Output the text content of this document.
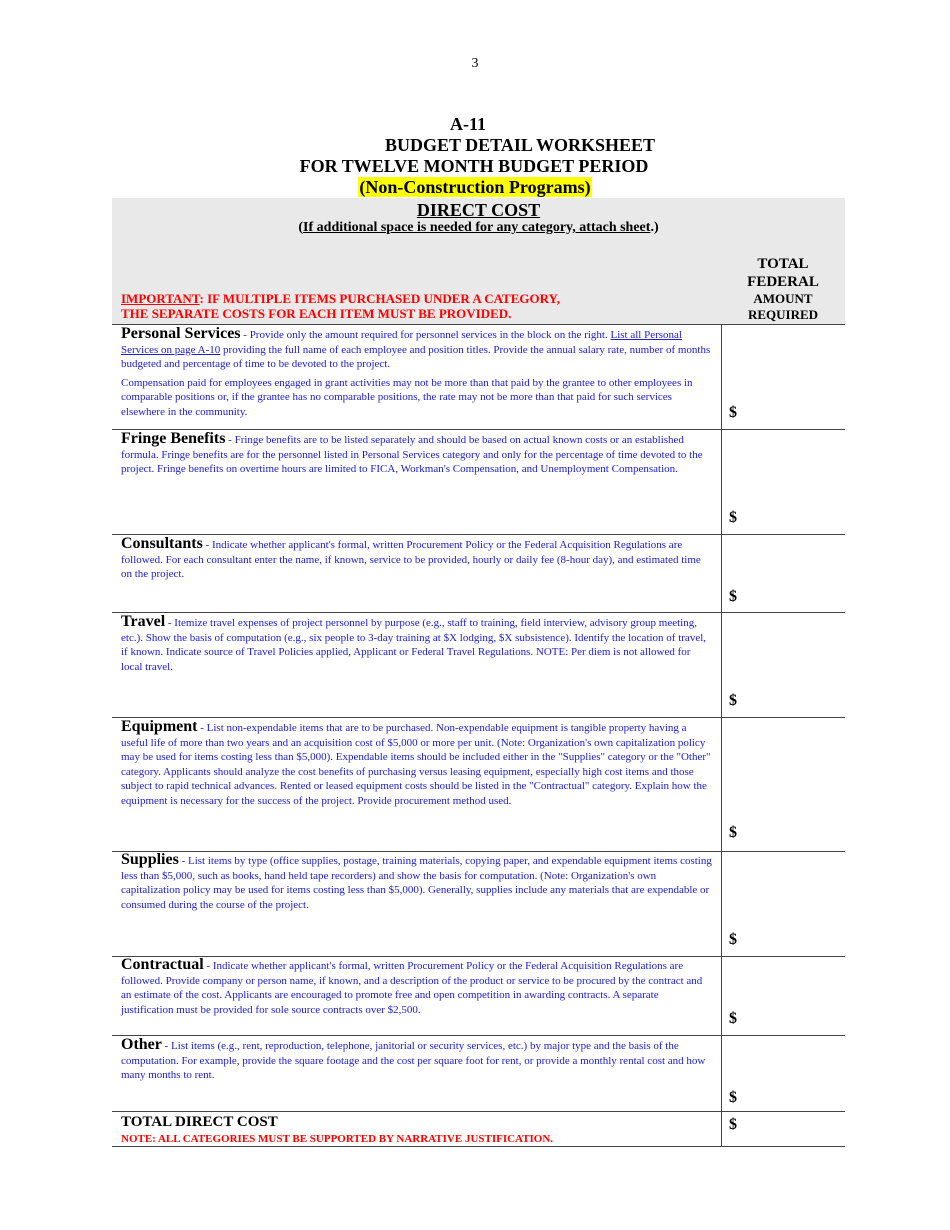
3
A-11
BUDGET DETAIL WORKSHEET
FOR TWELVE MONTH BUDGET PERIOD
(Non-Construction Programs)
DIRECT COST
(If additional space is needed for any category, attach sheet.)
TOTAL
FEDERAL
AMOUNT
REQUIRED
IMPORTANT: IF MULTIPLE ITEMS PURCHASED UNDER A CATEGORY,
THE SEPARATE COSTS FOR EACH ITEM MUST BE PROVIDED.
Personal Services - Provide only the amount required for personnel services in the block on the right. List all Personal Services on page A-10 providing the full name of each employee and position titles. Provide the annual salary rate, number of months budgeted and percentage of time to be devoted to the project.

Compensation paid for employees engaged in grant activities may not be more than that paid by the grantee to other employees in comparable positions or, if the grantee has no comparable positions, the rate may not be more than that paid for such services elsewhere in the community.	$
Fringe Benefits - Fringe benefits are to be listed separately and should be based on actual known costs or an established formula. Fringe benefits are for the personnel listed in Personal Services category and only for the percentage of time devoted to the project. Fringe benefits on overtime hours are limited to FICA, Workman's Compensation, and Unemployment Compensation.
$
Consultants - Indicate whether applicant's formal, written Procurement Policy or the Federal Acquisition Regulations are followed. For each consultant enter the name, if known, service to be provided, hourly or daily fee (8-hour day), and estimated time on the project.
$
Travel - Itemize travel expenses of project personnel by purpose (e.g., staff to training, field interview, advisory group meeting, etc.). Show the basis of computation (e.g., six people to 3-day training at $X lodging, $X subsistence). Identify the location of travel, if known. Indicate source of Travel Policies applied, Applicant or Federal Travel Regulations. NOTE: Per diem is not allowed for local travel.
$
Equipment - List non-expendable items that are to be purchased. Non-expendable equipment is tangible property having a useful life of more than two years and an acquisition cost of $5,000 or more per unit. (Note: Organization's own capitalization policy may be used for items costing less than $5,000). Expendable items should be included either in the "Supplies" category or the "Other" category. Applicants should analyze the cost benefits of purchasing versus leasing equipment, especially high cost items and those subject to rapid technical advances. Rented or leased equipment costs should be listed in the "Contractual" category. Explain how the equipment is necessary for the success of the project. Provide procurement method used.
$
Supplies - List items by type (office supplies, postage, training materials, copying paper, and expendable equipment items costing less than $5,000, such as books, hand held tape recorders) and show the basis for computation. (Note: Organization's own capitalization policy may be used for items costing less than $5,000). Generally, supplies include any materials that are expendable or consumed during the course of the project.
$
Contractual - Indicate whether applicant's formal, written Procurement Policy or the Federal Acquisition Regulations are followed. Provide company or person name, if known, and a description of the product or service to be procured by the contract and an estimate of the cost. Applicants are encouraged to promote free and open competition in awarding contracts. A separate justification must be provided for sole source contracts over $2,500.
$
Other - List items (e.g., rent, reproduction, telephone, janitorial or security services, etc.) by major type and the basis of the computation. For example, provide the square footage and the cost per square foot for rent, or provide a monthly rental cost and how many months to rent.
$
TOTAL DIRECT COST	$
NOTE: ALL CATEGORIES MUST BE SUPPORTED BY NARRATIVE JUSTIFICATION.
